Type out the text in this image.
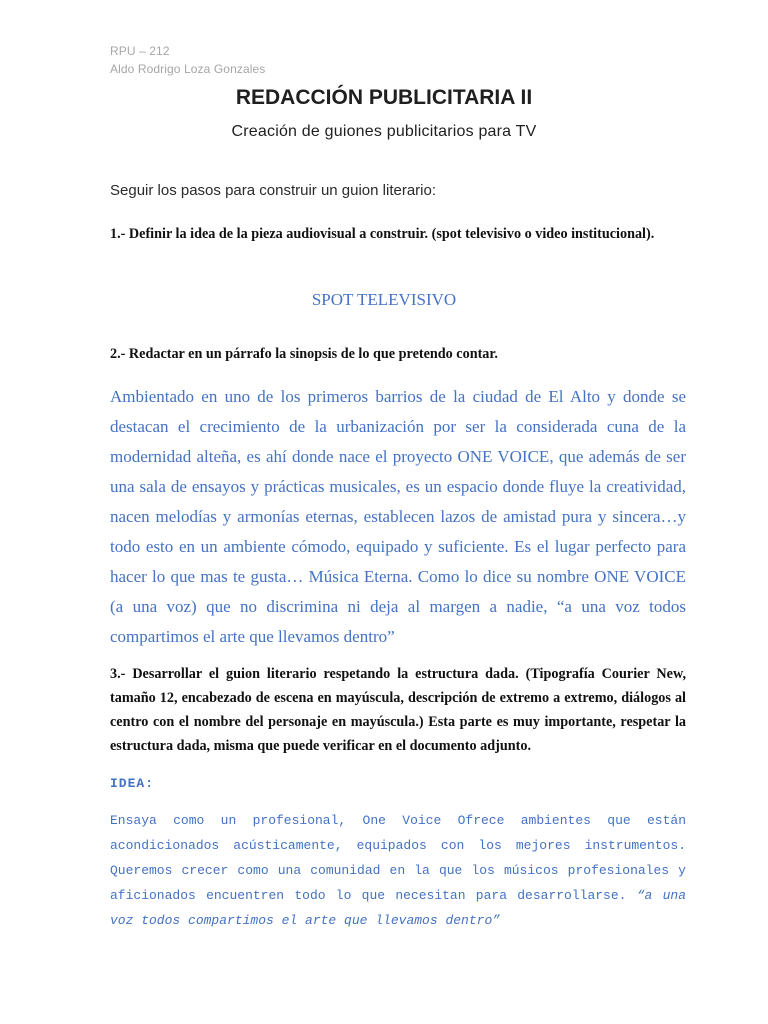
RPU – 212
Aldo Rodrigo Loza Gonzales
REDACCIÓN PUBLICITARIA II
Creación de guiones publicitarios para TV
Seguir los pasos para construir un guion literario:
1.- Definir la idea de la pieza audiovisual a construir. (spot televisivo o video institucional).
SPOT TELEVISIVO
2.- Redactar en un párrafo la sinopsis de lo que pretendo contar.
Ambientado en uno de los primeros barrios de la ciudad de El Alto y donde se destacan el crecimiento de la urbanización por ser la considerada cuna de la modernidad alteña, es ahí donde nace el proyecto ONE VOICE, que además de ser una sala de ensayos y prácticas musicales, es un espacio donde fluye la creatividad, nacen melodías y armonías eternas, establecen lazos de amistad pura y sincera…y todo esto en un ambiente cómodo, equipado y suficiente. Es el lugar perfecto para hacer lo que mas te gusta… Música Eterna. Como lo dice su nombre ONE VOICE (a una voz) que no discrimina ni deja al margen a nadie, “a una voz todos compartimos el arte que llevamos dentro”
3.- Desarrollar el guion literario respetando la estructura dada. (Tipografía Courier New, tamaño 12, encabezado de escena en mayúscula, descripción de extremo a extremo, diálogos al centro con el nombre del personaje en mayúscula.) Esta parte es muy importante, respetar la estructura dada, misma que puede verificar en el documento adjunto.
IDEA:
Ensaya como un profesional, One Voice Ofrece ambientes que están acondicionados acústicamente, equipados con los mejores instrumentos. Queremos crecer como una comunidad en la que los músicos profesionales y aficionados encuentren todo lo que necesitan para desarrollarse. “a una voz todos compartimos el arte que llevamos dentro”
